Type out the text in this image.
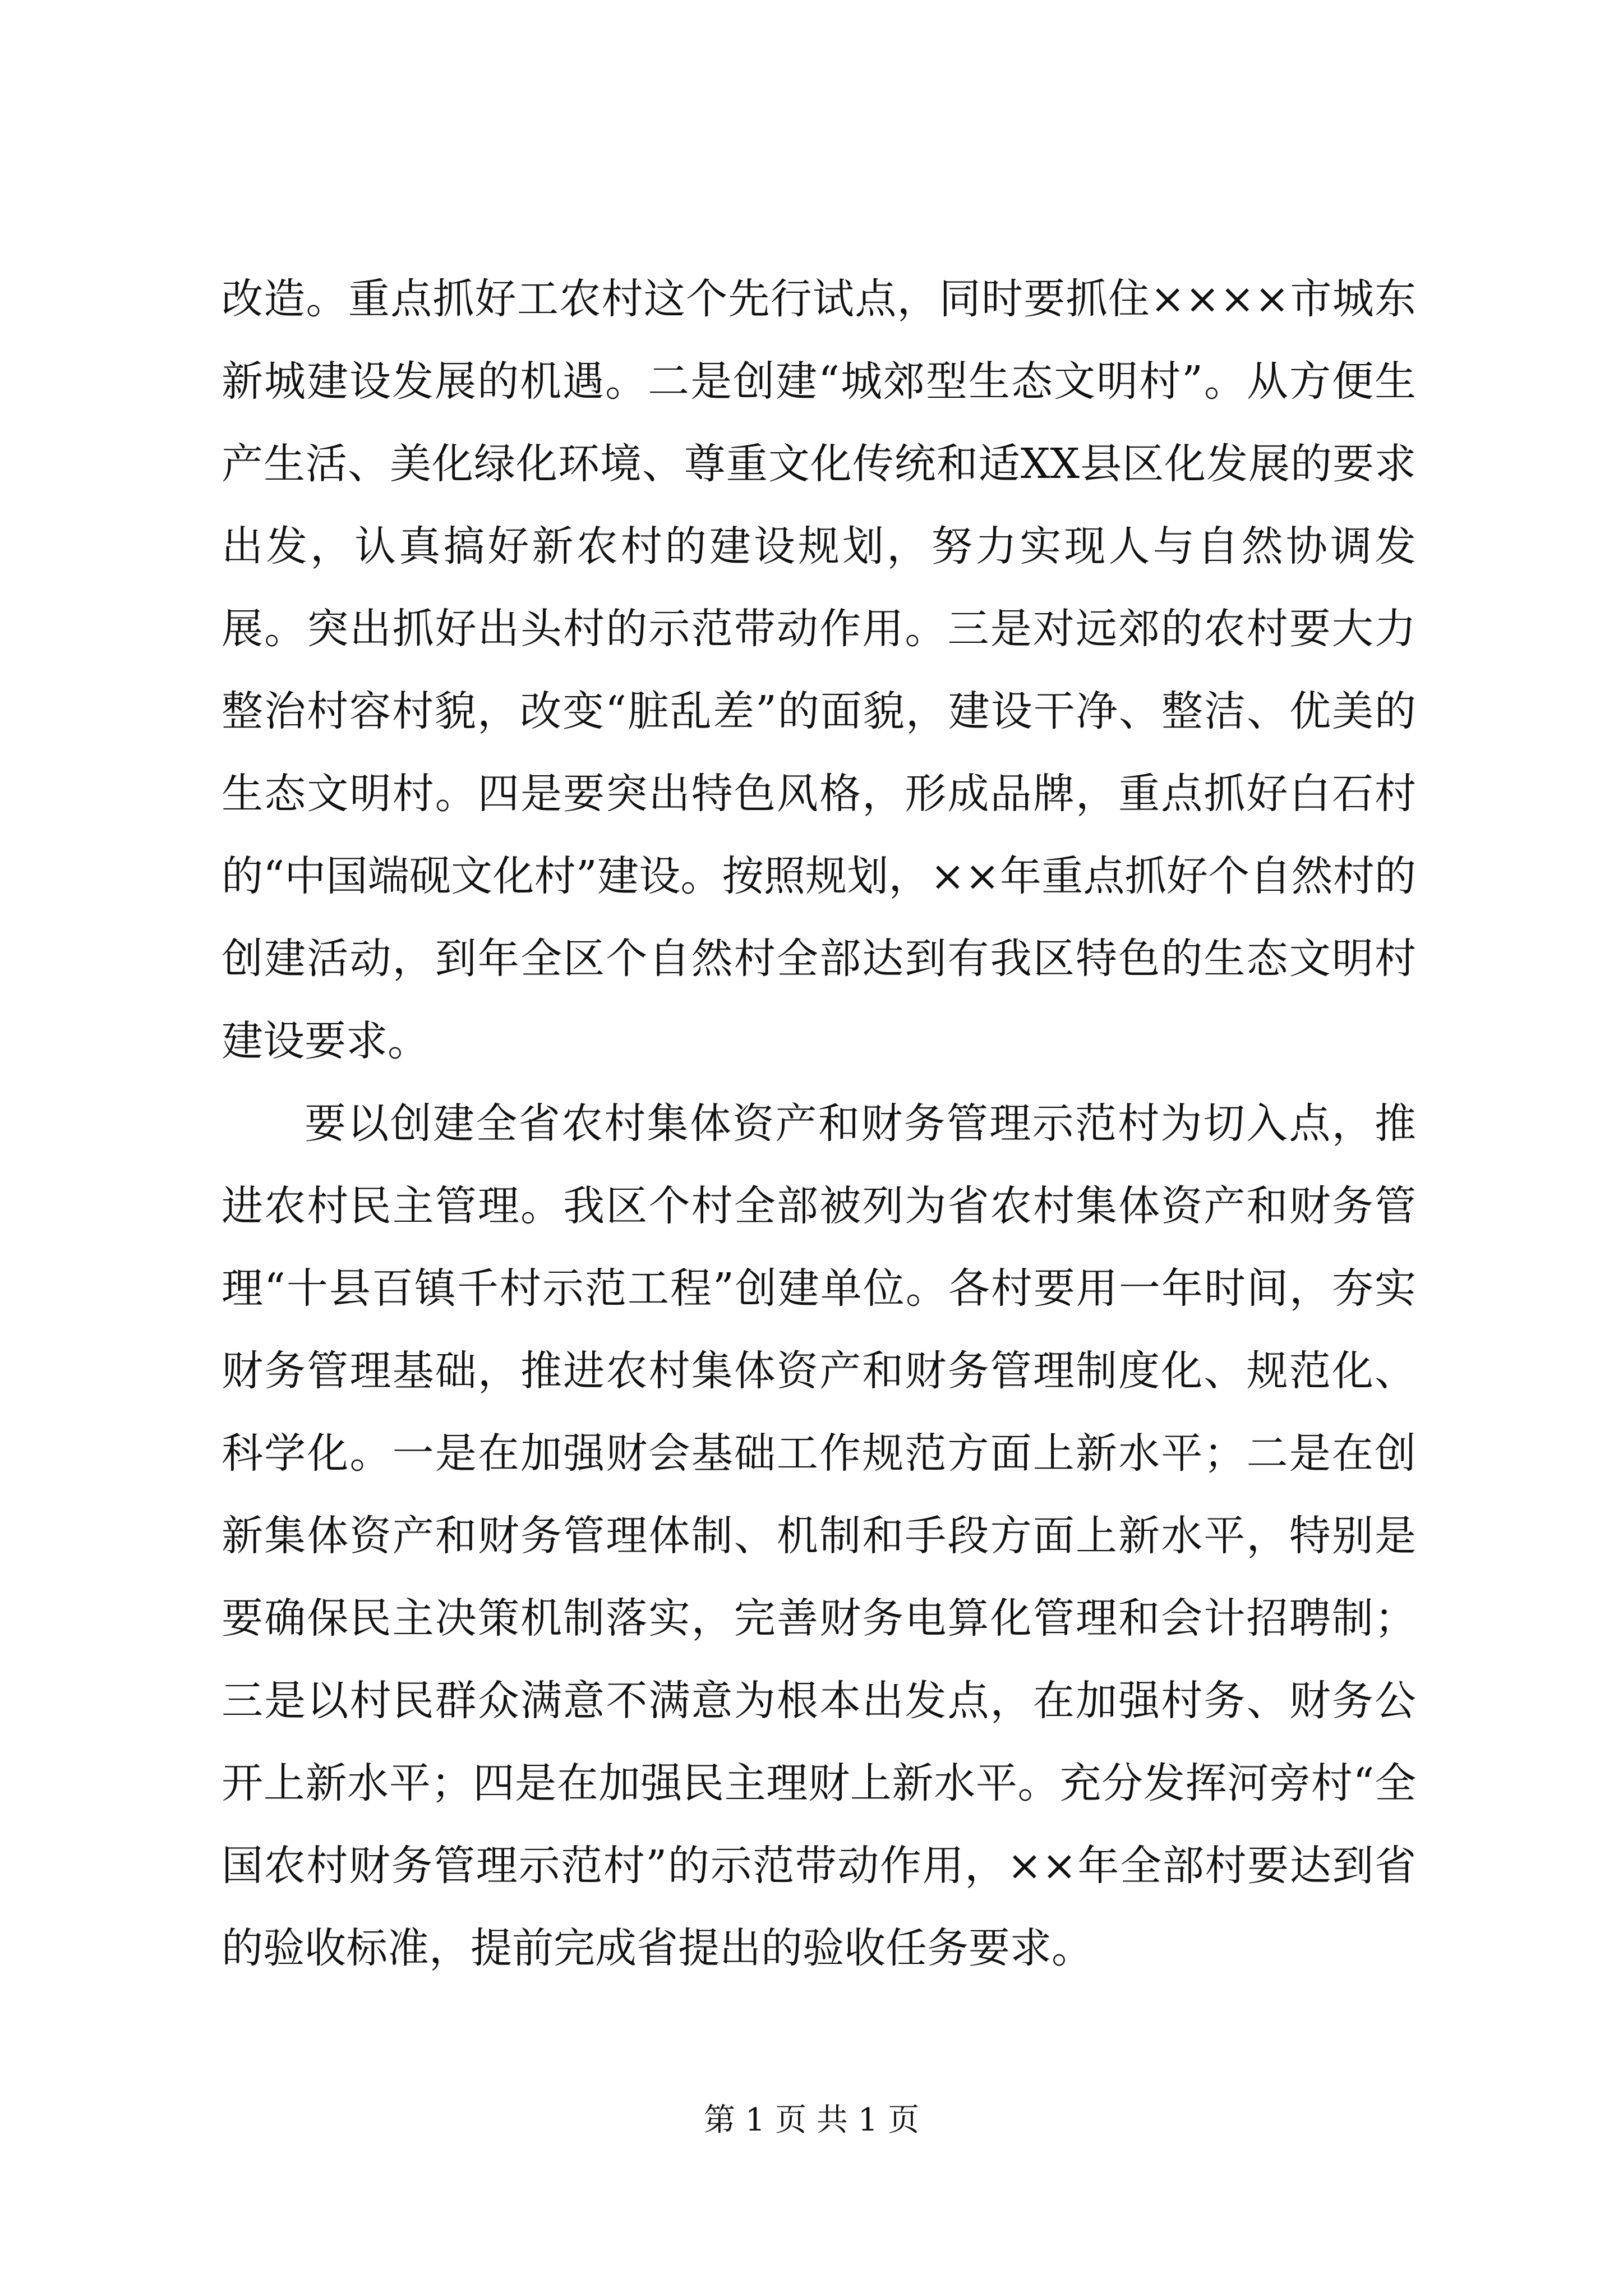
改造。重点抓好工农村这个先行试点，同时要抓住××××市城东新城建设发展的机遇。二是创建“城郊型生态文明村”。从方便生产生活、美化绿化环境、尊重文化传统和适XX县区化发展的要求出发，认真搞好新农村的建设规划，努力实现人与自然协调发展。突出抓好出头村的示范带动作用。三是对远郊的农村要大力整治村容村貌，改变“脏乱差”的面貌，建设干净、整洁、优美的生态文明村。四是要突出特色风格，形成品牌，重点抓好白石村的“中国端砚文化村”建设。按照规划，××年重点抓好个自然村的创建活动，到年全区个自然村全部达到有我区特色的生态文明村建设要求。

要以创建全省农村集体资产和财务管理示范村为切入点，推进农村民主管理。我区个村全部被列为省农村集体资产和财务管理“十县百镇千村示范工程”创建单位。各村要用一年时间，夯实财务管理基础，推进农村集体资产和财务管理制度化、规范化、科学化。一是在加强财会基础工作规范方面上新水平；二是在创新集体资产和财务管理体制、机制和手段方面上新水平，特别是要确保民主决策机制落实，完善财务电算化管理和会计招聘制；三是以村民群众满意不满意为根本出发点，在加强村务、财务公开上新水平；四是在加强民主理财上新水平。充分发挥河旁村“全国农村财务管理示范村”的示范带动作用，××年全部村要达到省的验收标准，提前完成省提出的验收任务要求。

第 1 页 共 1 页
